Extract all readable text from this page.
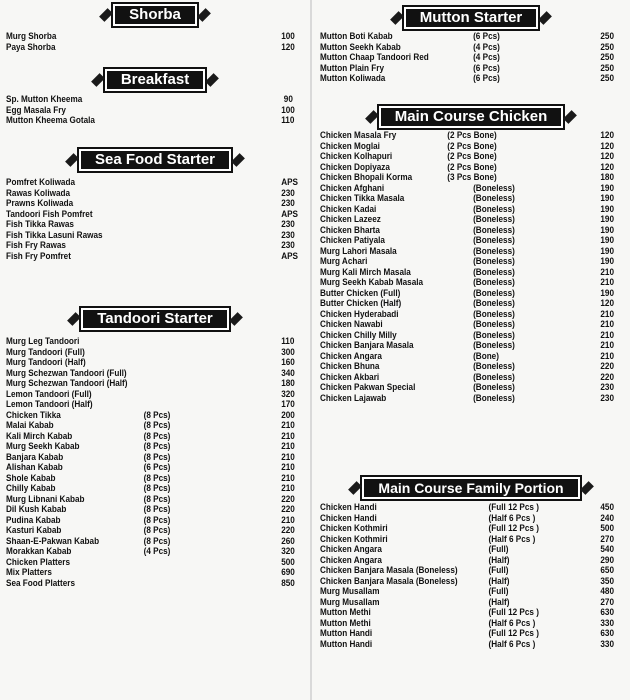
Shorba
Murg Shorba	100
Paya Shorba	120
Breakfast
Sp. Mutton Kheema	90
Egg Masala Fry	100
Mutton Kheema Gotala	110
Sea Food Starter
Pomfret Koliwada	APS
Rawas Koliwada	230
Prawns Koliwada	230
Tandoori Fish Pomfret	APS
Fish Tikka Rawas	230
Fish Tikka Lasuni Rawas	230
Fish Fry Rawas	230
Fish Fry Pomfret	APS
Tandoori Starter
Murg Leg Tandoori	110
Murg Tandoori (Full)	300
Murg Tandoori (Half)	160
Murg Schezwan Tandoori (Full)	340
Murg Schezwan Tandoori (Half)	180
Lemon Tandoori (Full)	320
Lemon Tandoori (Half)	170
Chicken Tikka	(8 Pcs)	200
Malai Kabab	(8 Pcs)	210
Kali Mirch Kabab	(8 Pcs)	210
Murg Seekh Kabab	(8 Pcs)	210
Banjara Kabab	(8 Pcs)	210
Alishan Kabab	(6 Pcs)	210
Shole Kabab	(8 Pcs)	210
Chilly Kabab	(8 Pcs)	210
Murg Libnani Kabab	(8 Pcs)	220
Dil Kush Kabab	(8 Pcs)	220
Pudina Kabab	(8 Pcs)	210
Kasturi Kabab	(8 Pcs)	220
Shaan-E-Pakwan Kabab	(8 Pcs)	260
Morakkan Kabab	(4 Pcs)	320
Chicken Platters	500
Mix Platters	690
Sea Food Platters	850
Mutton Starter
Mutton Boti Kabab	(6 Pcs)	250
Mutton Seekh Kabab	(4 Pcs)	250
Mutton Chaap Tandoori Red	(4 Pcs)	250
Mutton Plain Fry	(6 Pcs)	250
Mutton Koliwada	(6 Pcs)	250
Main Course Chicken
Chicken Masala Fry	(2 Pcs Bone)	120
Chicken Moglai	(2 Pcs Bone)	120
Chicken Kolhapuri	(2 Pcs Bone)	120
Chicken Dopiyaza	(2 Pcs Bone)	120
Chicken Bhopali Korma	(3 Pcs Bone)	180
Chicken Afghani	(Boneless)	190
Chicken Tikka Masala	(Boneless)	190
Chicken Kadai	(Boneless)	190
Chicken Lazeez	(Boneless)	190
Chicken Bharta	(Boneless)	190
Chicken Patiyala	(Boneless)	190
Murg Lahori Masala	(Boneless)	190
Murg Achari	(Boneless)	190
Murg Kali Mirch Masala	(Boneless)	210
Murg Seekh Kabab Masala	(Boneless)	210
Butter Chicken (Full)	(Boneless)	190
Butter Chicken (Half)	(Boneless)	120
Chicken Hyderabadi	(Boneless)	210
Chicken Nawabi	(Boneless)	210
Chicken Chilly Milly	(Boneless)	210
Chicken Banjara Masala	(Boneless)	210
Chicken Angara	(Bone)	210
Chicken Bhuna	(Boneless)	220
Chicken Akbari	(Boneless)	220
Chicken Pakwan Special	(Boneless)	230
Chicken Lajawab	(Boneless)	230
Main Course Family Portion
Chicken Handi	(Full 12 Pcs )	450
Chicken Handi	(Half 6 Pcs )	240
Chicken Kothmiri	(Full 12 Pcs )	500
Chicken Kothmiri	(Half 6 Pcs )	270
Chicken Angara	(Full)	540
Chicken Angara	(Half)	290
Chicken Banjara Masala (Boneless)	(Full)	650
Chicken Banjara Masala (Boneless)	(Half)	350
Murg Musallam	(Full)	480
Murg Musallam	(Half)	270
Mutton Methi	(Full 12 Pcs )	630
Mutton Methi	(Half 6 Pcs )	330
Mutton Handi	(Full 12 Pcs )	630
Mutton Handi	(Half 6 Pcs )	330
